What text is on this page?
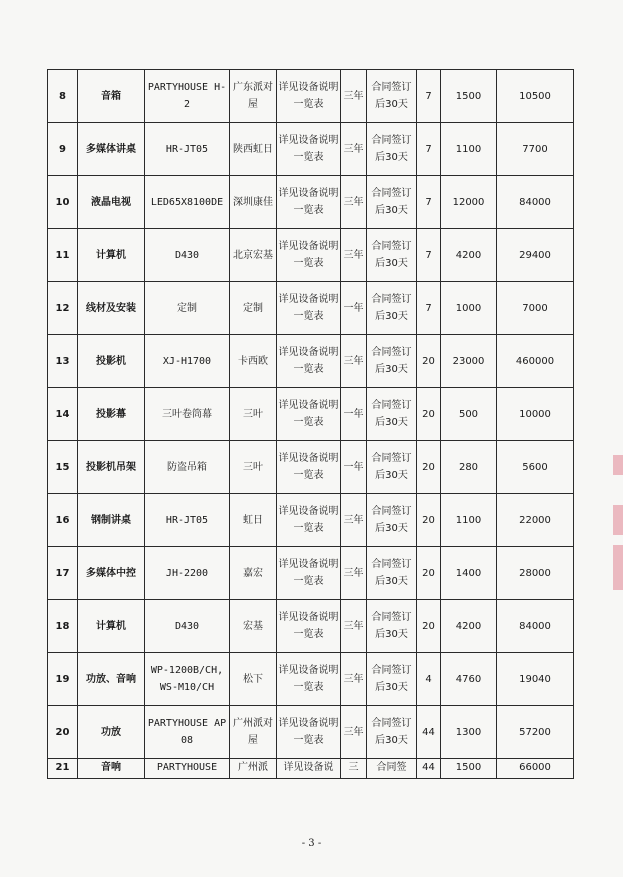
8	音箱	PARTYHOUSE H-2	广东派对屋	详见设备说明一览表	三年	合同签订后30天	7	1500	10500
9	多媒体讲桌	HR-JT05	陕西虹日	详见设备说明一览表	三年	合同签订后30天	7	1100	7700
10	液晶电视	LED65X8100DE	深圳康佳	详见设备说明一览表	三年	合同签订后30天	7	12000	84000
11	计算机	D430	北京宏基	详见设备说明一览表	三年	合同签订后30天	7	4200	29400
12	线材及安装	定制	定制	详见设备说明一览表	一年	合同签订后30天	7	1000	7000
13	投影机	XJ-H1700	卡西欧	详见设备说明一览表	三年	合同签订后30天	20	23000	460000
14	投影幕	三叶卷筒幕	三叶	详见设备说明一览表	一年	合同签订后30天	20	500	10000
15	投影机吊架	防盗吊箱	三叶	详见设备说明一览表	一年	合同签订后30天	20	280	5600
16	钢制讲桌	HR-JT05	虹日	详见设备说明一览表	三年	合同签订后30天	20	1100	22000
17	多媒体中控	JH-2200	嘉宏	详见设备说明一览表	三年	合同签订后30天	20	1400	28000
18	计算机	D430	宏基	详见设备说明一览表	三年	合同签订后30天	20	4200	84000
19	功放、音响	WP-1200B/CH, WS-M10/CH	松下	详见设备说明一览表	三年	合同签订后30天	4	4760	19040
20	功放	PARTYHOUSE AP08	广州派对屋	详见设备说明一览表	三年	合同签订后30天	44	1300	57200
21	音响	PARTYHOUSE	广州派	详见设备说	三	合同签	44	1500	66000
- 3 -
